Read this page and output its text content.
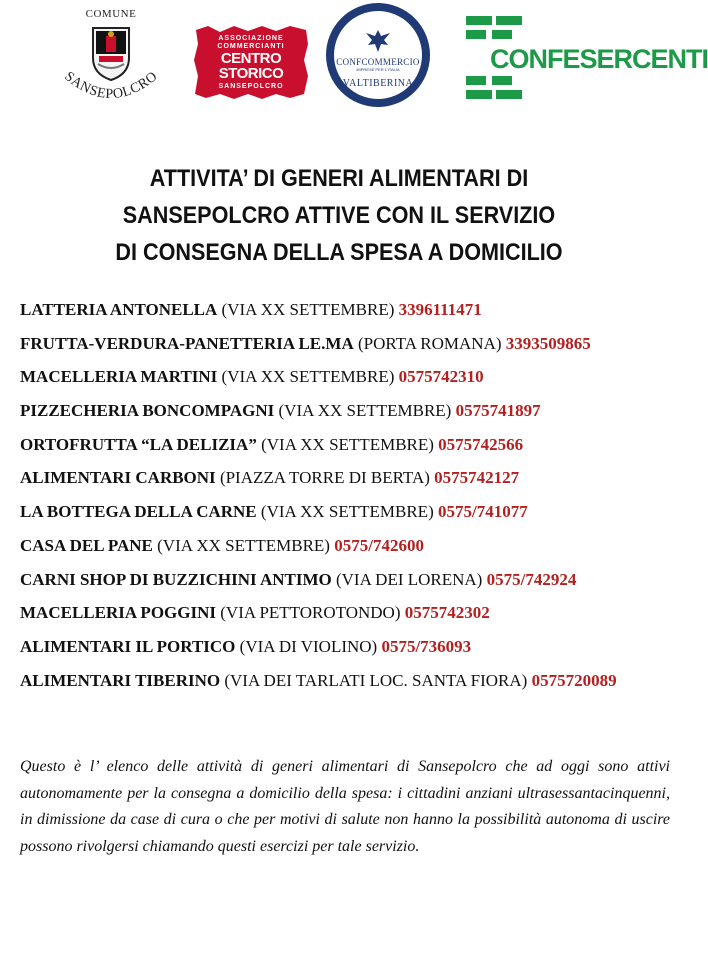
COMUNE
SANSEPOLCRO
ASSOCIAZIONE COMMERCIANTI
CENTRO
STORICO
SANSEPOLCRO
CONFCOMMERCIO
IMPRESE PER L'ITALIA
VALTIBERINA
CONFESERCENTI
ATTIVITA’ DI GENERI ALIMENTARI DI
SANSEPOLCRO ATTIVE CON IL SERVIZIO
DI CONSEGNA DELLA SPESA A DOMICILIO
LATTERIA ANTONELLA (VIA XX SETTEMBRE) 3396111471
FRUTTA-VERDURA-PANETTERIA LE.MA (PORTA ROMANA) 3393509865
MACELLERIA MARTINI (VIA XX SETTEMBRE) 0575742310
PIZZECHERIA BONCOMPAGNI (VIA XX SETTEMBRE) 0575741897
ORTOFRUTTA “LA DELIZIA” (VIA XX SETTEMBRE) 0575742566
ALIMENTARI CARBONI (PIAZZA TORRE DI BERTA) 0575742127
LA BOTTEGA DELLA CARNE (VIA XX SETTEMBRE) 0575/741077
CASA DEL PANE (VIA XX SETTEMBRE) 0575/742600
CARNI SHOP DI BUZZICHINI ANTIMO (VIA DEI LORENA) 0575/742924
MACELLERIA POGGINI (VIA PETTOROTONDO) 0575742302
ALIMENTARI IL PORTICO (VIA DI VIOLINO) 0575/736093
ALIMENTARI TIBERINO (VIA DEI TARLATI LOC. SANTA FIORA) 0575720089

Questo è l’ elenco delle attività di generi alimentari di Sansepolcro che ad oggi sono attivi autonomamente per la consegna a domicilio della spesa: i cittadini anziani ultrasessantacinquenni, in dimissione da case di cura o che per motivi di salute non hanno la possibilità autonoma di uscire possono rivolgersi chiamando questi esercizi per tale servizio.
